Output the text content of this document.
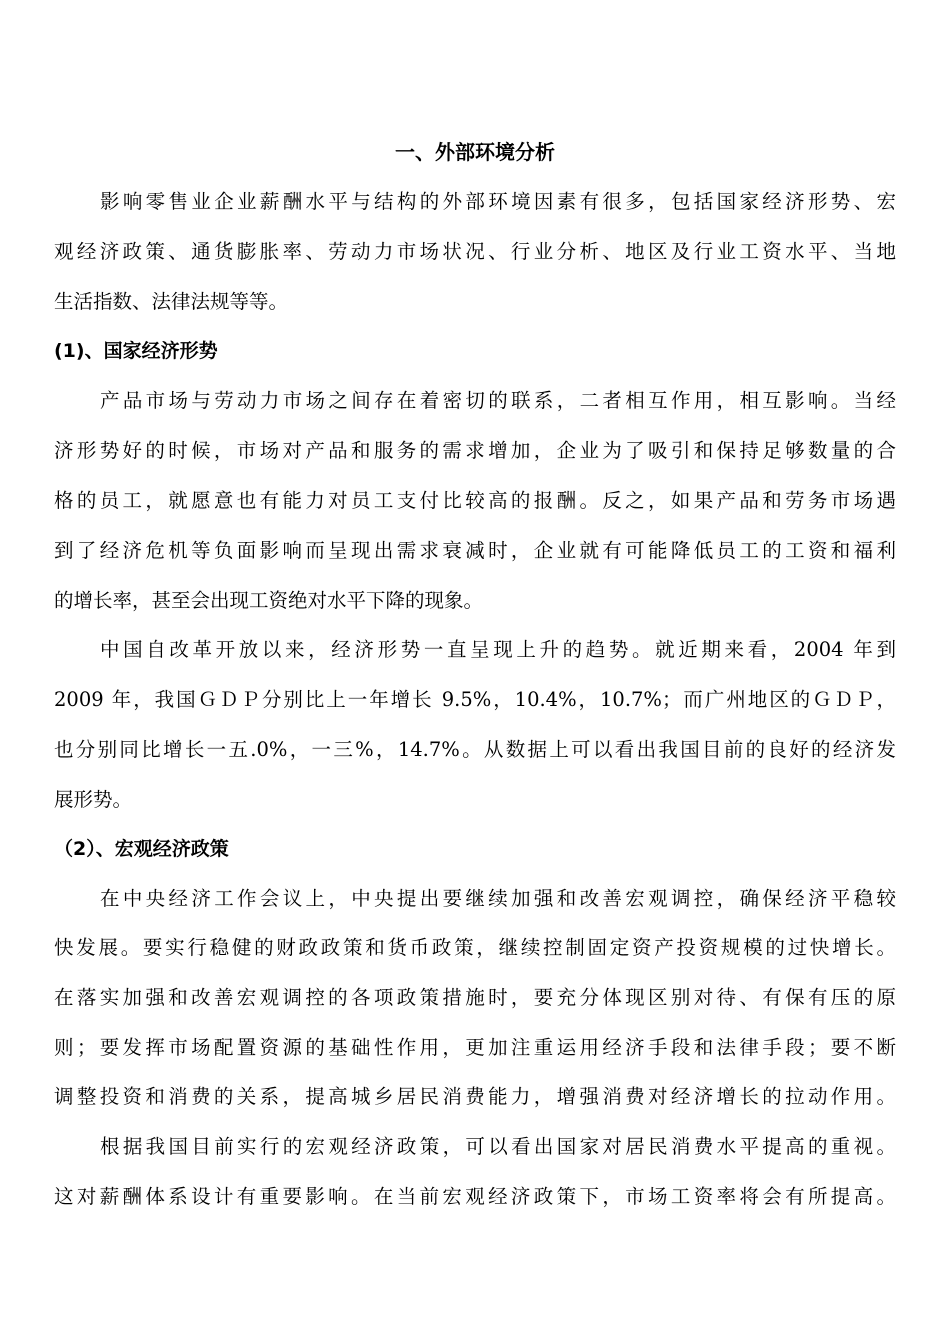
一、外部环境分析
影响零售业企业薪酬水平与结构的外部环境因素有很多，包括国家经济形势、宏
观经济政策、通货膨胀率、劳动力市场状况、行业分析、地区及行业工资水平、当地
生活指数、法律法规等等。
(1)、国家经济形势
产品市场与劳动力市场之间存在着密切的联系，二者相互作用，相互影响。当经
济形势好的时候，市场对产品和服务的需求增加，企业为了吸引和保持足够数量的合
格的员工，就愿意也有能力对员工支付比较高的报酬。反之，如果产品和劳务市场遇
到了经济危机等负面影响而呈现出需求衰减时，企业就有可能降低员工的工资和福利
的增长率，甚至会出现工资绝对水平下降的现象。
中国自改革开放以来，经济形势一直呈现上升的趋势。就近期来看，2004 年到
2009 年，我国ＧＤＰ分别比上一年增长 9.5%，10.4%，10.7%；而广州地区的ＧＤＰ，
也分别同比增长一五.0%，一三%，14.7%。从数据上可以看出我国目前的良好的经济发
展形势。
（2）、宏观经济政策
在中央经济工作会议上，中央提出要继续加强和改善宏观调控，确保经济平稳较
快发展。要实行稳健的财政政策和货币政策，继续控制固定资产投资规模的过快增长。
在落实加强和改善宏观调控的各项政策措施时，要充分体现区别对待、有保有压的原
则；要发挥市场配置资源的基础性作用，更加注重运用经济手段和法律手段；要不断
调整投资和消费的关系，提高城乡居民消费能力，增强消费对经济增长的拉动作用。
根据我国目前实行的宏观经济政策，可以看出国家对居民消费水平提高的重视。
这对薪酬体系设计有重要影响。在当前宏观经济政策下，市场工资率将会有所提高。
